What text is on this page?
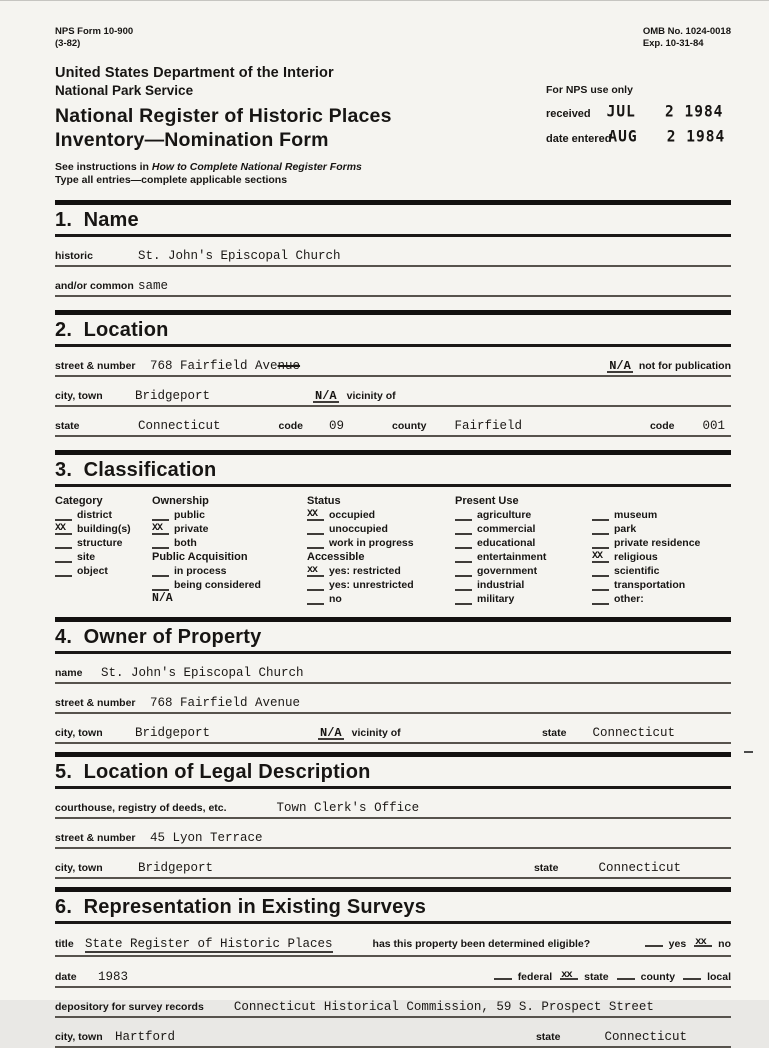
NPS Form 10-900
(3-82)
OMB No. 1024-0018
Exp. 10-31-84
United States Department of the Interior
National Park Service
National Register of Historic Places
Inventory—Nomination Form
For NPS use only
received JUL   2 1984
date entered
AUG   2 1984
See instructions in How to Complete National Register Forms
Type all entries—complete applicable sections
1.  Name
historic	St. John's Episcopal Church
and/or common same
2.  Location
street & number	768 Fairfield Avenue	N/A not for publication
city, town	Bridgeport	N/A vicinity of
state	Connecticut	code 09	county Fairfield	code 001
3.  Classification
Category
district
XX building(s)
structure
site
object
Ownership
public
XX private
both
Public Acquisition
in process
being considered
N/A
Status
XX occupied
unoccupied
work in progress
Accessible
xx yes: restricted
yes: unrestricted
no
Present Use
agriculture
commercial
educational
entertainment
government
industrial
military
museum
park
private residence
XX religious
scientific
transportation
other:
4.  Owner of Property
name	St. John's Episcopal Church
street & number	768 Fairfield Avenue
city, town	Bridgeport	N/A vicinity of	state Connecticut
5.  Location of Legal Description
courthouse, registry of deeds, etc.	Town Clerk's Office
street & number	45 Lyon Terrace
city, town	Bridgeport	state	Connecticut
6.  Representation in Existing Surveys
title State Register of Historic Places	has this property been determined eligible?	yes xx no
date	1983	federal xx state	county	local
depository for survey records Connecticut Historical Commission, 59 S. Prospect Street
city, town Hartford	state	Connecticut
